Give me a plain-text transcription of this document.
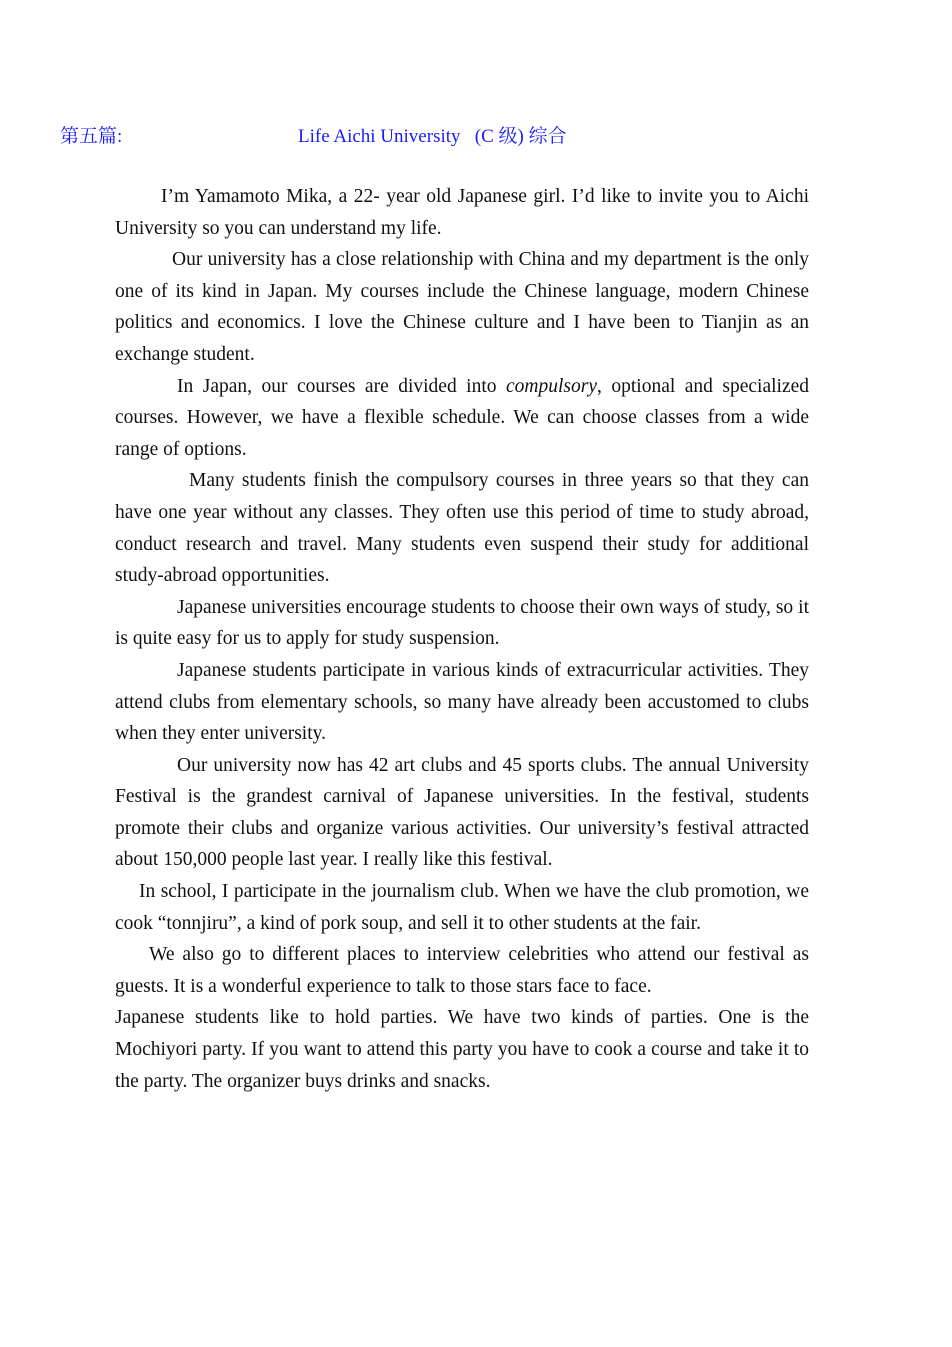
第五篇:	Life Aichi University   (C 级) 综合

I’m Yamamoto Mika, a 22- year old Japanese girl. I’d like to invite you to Aichi University so you can understand my life.

Our university has a close relationship with China and my department is the only one of its kind in Japan. My courses include the Chinese language, modern Chinese politics and economics. I love the Chinese culture and I have been to Tianjin as an exchange student.

In Japan, our courses are divided into compulsory, optional and specialized courses. However, we have a flexible schedule. We can choose classes from a wide range of options.

Many students finish the compulsory courses in three years so that they can have one year without any classes. They often use this period of time to study abroad, conduct research and travel. Many students even suspend their study for additional study-abroad opportunities.

Japanese universities encourage students to choose their own ways of study, so it is quite easy for us to apply for study suspension.

Japanese students participate in various kinds of extracurricular activities. They attend clubs from elementary schools, so many have already been accustomed to clubs when they enter university.

Our university now has 42 art clubs and 45 sports clubs. The annual University Festival is the grandest carnival of Japanese universities. In the festival, students promote their clubs and organize various activities. Our university’s festival attracted about 150,000 people last year. I really like this festival.

In school, I participate in the journalism club. When we have the club promotion, we cook “tonnjiru”, a kind of pork soup, and sell it to other students at the fair.

We also go to different places to interview celebrities who attend our festival as guests. It is a wonderful experience to talk to those stars face to face.

Japanese students like to hold parties. We have two kinds of parties. One is the Mochiyori party. If you want to attend this party you have to cook a course and take it to the party. The organizer buys drinks and snacks.
